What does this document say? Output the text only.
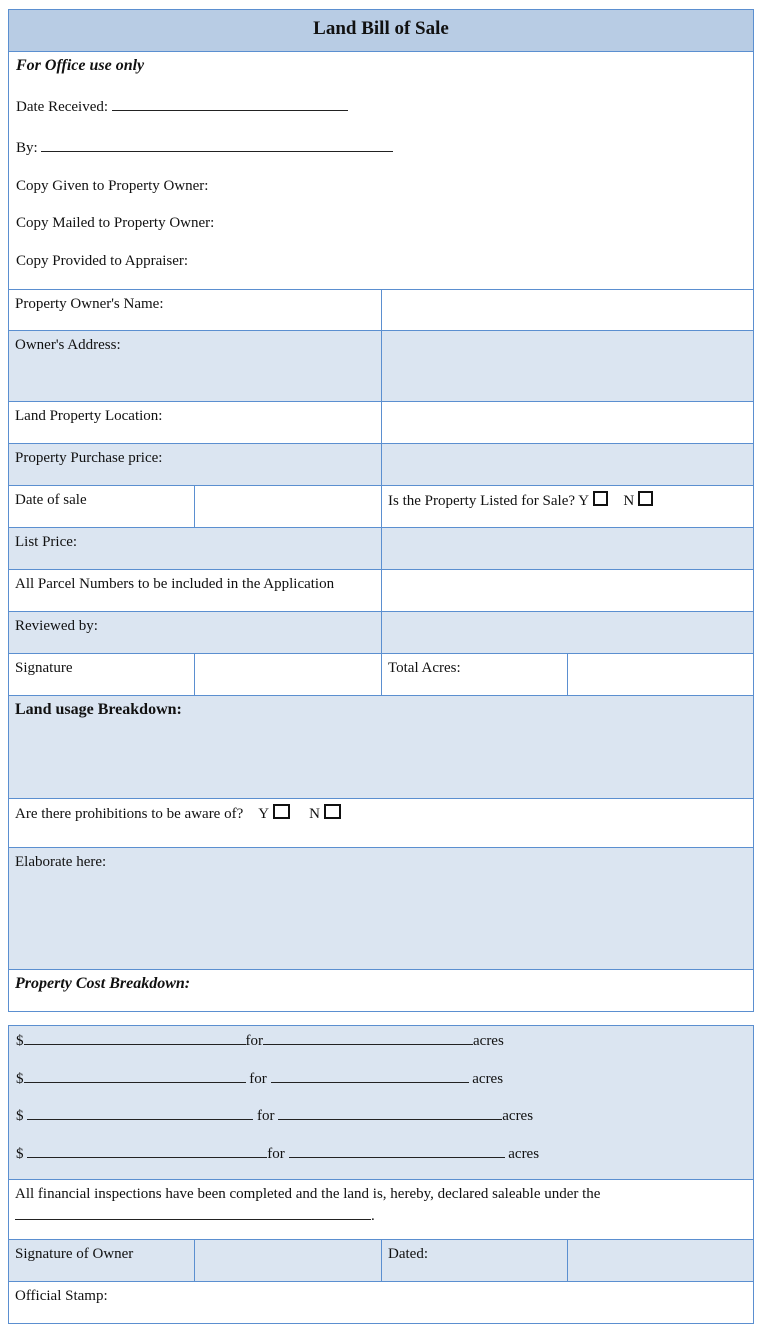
Land Bill of Sale
For Office use only
Date Received:
By:
Copy Given to Property Owner:
Copy Mailed to Property Owner:
Copy Provided to Appraiser:
Property Owner's Name:
Owner's Address:
Land Property Location:
Property Purchase price:
Date of sale	Is the Property Listed for Sale? Y N
List Price:
All Parcel Numbers to be included in the Application
Reviewed by:
Signature	Total Acres:
Land usage Breakdown:
Are there prohibitions to be aware of? Y	N
Elaborate here:
Property Cost Breakdown:
$	for	acres
$	for	acres
$	for	acres
$	for	acres
All financial inspections have been completed and the land is, hereby, declared saleable under the
.
Signature of Owner	Dated:
Official Stamp:
